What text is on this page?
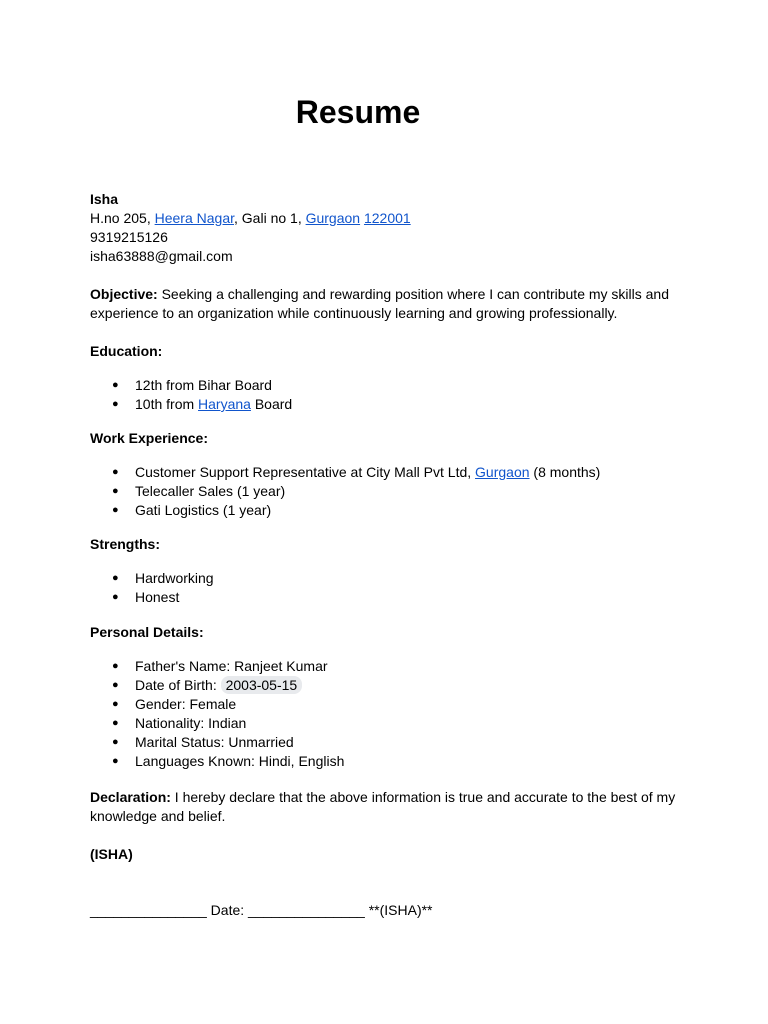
Resume
Isha
H.no 205, Heera Nagar, Gali no 1, Gurgaon 122001
9319215126
isha63888@gmail.com

Objective: Seeking a challenging and rewarding position where I can contribute my skills and experience to an organization while continuously learning and growing professionally.

Education:

● 12th from Bihar Board
● 10th from Haryana Board

Work Experience:

● Customer Support Representative at City Mall Pvt Ltd, Gurgaon (8 months)
● Telecaller Sales (1 year)
● Gati Logistics (1 year)

Strengths:

● Hardworking
● Honest

Personal Details:

● Father's Name: Ranjeet Kumar
● Date of Birth: 2003-05-15
● Gender: Female
● Nationality: Indian
● Marital Status: Unmarried
● Languages Known: Hindi, English

Declaration: I hereby declare that the above information is true and accurate to the best of my knowledge and belief.

(ISHA)

_______________ Date: _______________ **(ISHA)**
